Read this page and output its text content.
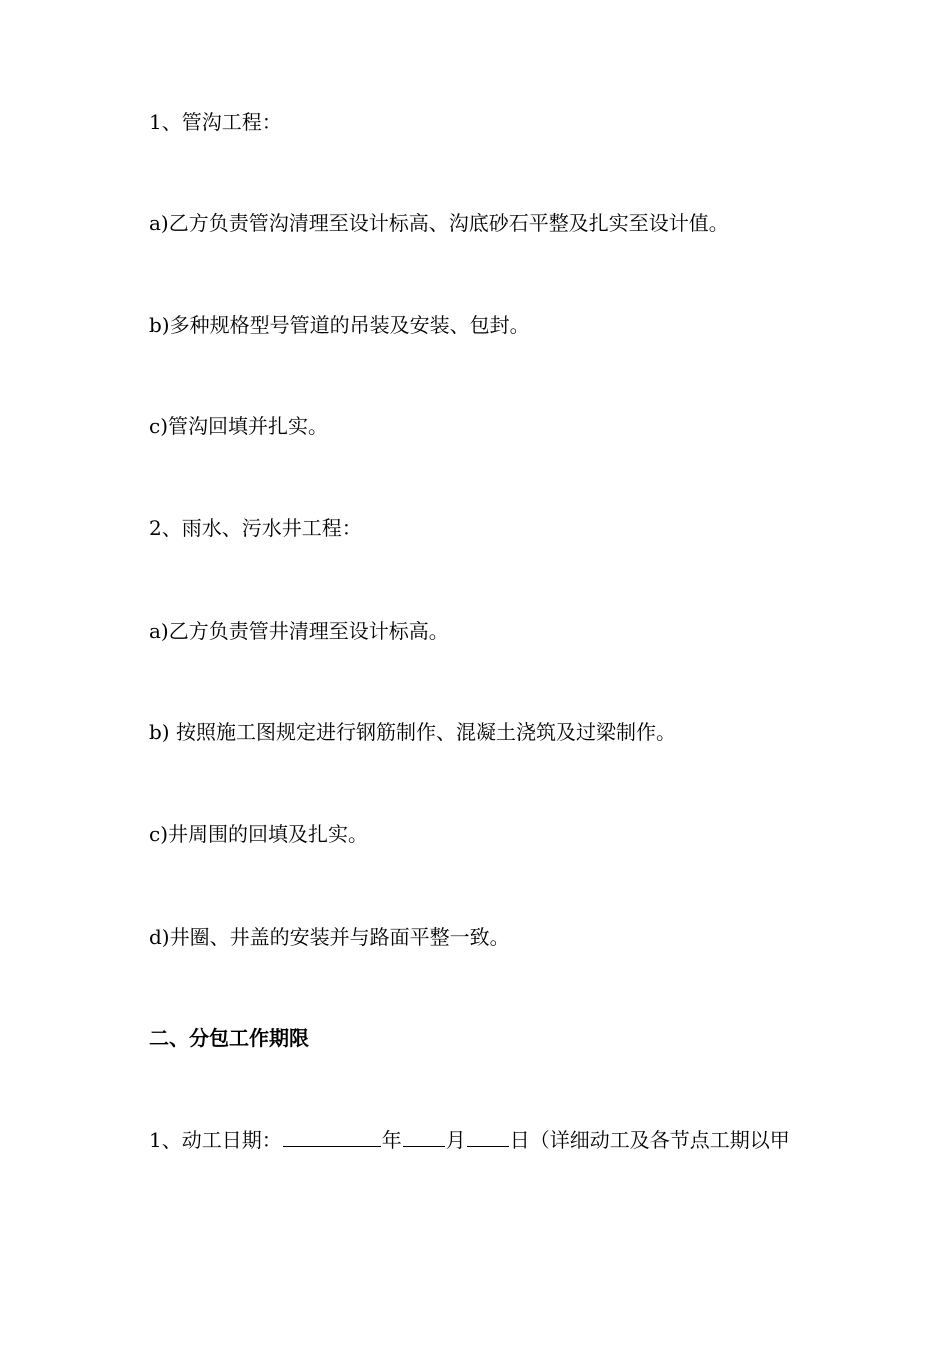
1、管沟工程：
a)乙方负责管沟清理至设计标高、沟底砂石平整及扎实至设计值。
b)多种规格型号管道的吊装及安装、包封。
c)管沟回填并扎实。
2、雨水、污水井工程：
a)乙方负责管井清理至设计标高。
b) 按照施工图规定进行钢筋制作、混凝土浇筑及过梁制作。
c)井周围的回填及扎实。
d)井圈、井盖的安装并与路面平整一致。
二、分包工作期限
1、动工日期：	年 月 日（详细动工及各节点工期以甲
